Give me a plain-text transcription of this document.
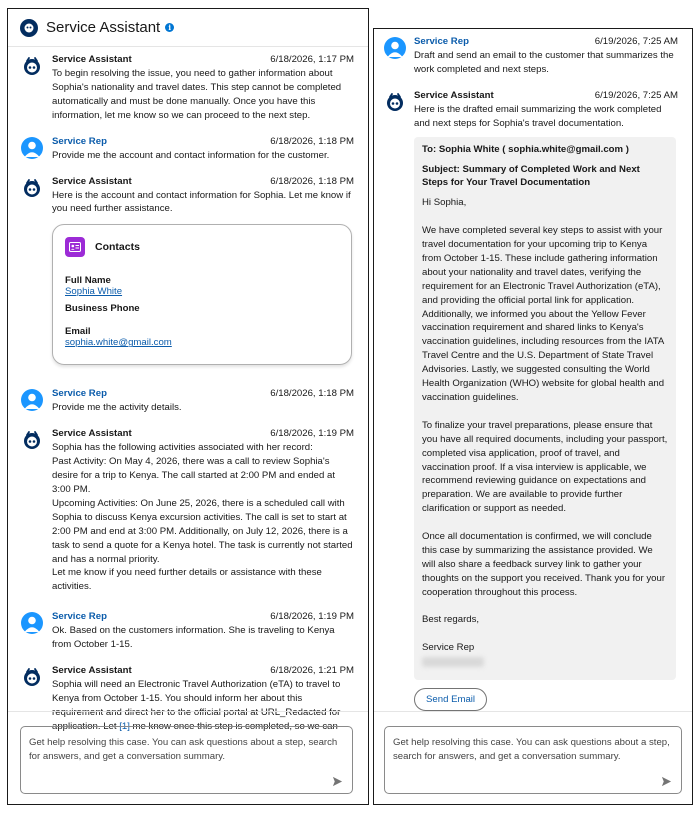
Service Assistant	i
Service Assistant	6/18/2026, 1:17 PM

To begin resolving the issue, you need to gather information about Sophia's nationality and travel dates. This step cannot be completed automatically and must be done manually. Once you have this information, let me know so we can proceed to the next step.

Service Rep	6/18/2026, 1:18 PM

Provide me the account and contact information for the customer.

Service Assistant	6/18/2026, 1:18 PM

Here is the account and contact information for Sophia. Let me know if you need further assistance.

Contacts
Full Name
Sophia White
Business Phone
Email
sophia.white@gmail.com
Service Rep	6/18/2026, 1:18 PM

Provide me the activity details.

Service Assistant	6/18/2026, 1:19 PM

Sophia has the following activities associated with her record:

Past Activity: On May 4, 2026, there was a call to review Sophia's desire for a trip to Kenya. The call started at 2:00 PM and ended at 3:00 PM.

Upcoming Activities: On June 25, 2026, there is a scheduled call with Sophia to discuss Kenya excursion activities. The call is set to start at 2:00 PM and end at 3:00 PM. Additionally, on July 12, 2026, there is a task to send a quote for a Kenya hotel. The task is currently not started and has a normal priority.

Let me know if you need further details or assistance with these activities.

Service Rep	6/18/2026, 1:19 PM

Ok. Based on the customers information. She is traveling to Kenya from October 1-15.

Service Assistant	6/18/2026, 1:21 PM

Sophia will need an Electronic Travel Authorization (eTA) to travel to Kenya from October 1-15. You should inform her about this requirement and direct her to the official portal at URL_Redacted for application. Let [1] me know once this step is completed, so we can

Get help resolving this case. You can ask questions about a step, search for answers, and get a conversation summary.
Service Rep	6/19/2026, 7:25 AM

Draft and send an email to the customer that summarizes the work completed and next steps.

Service Assistant	6/19/2026, 7:25 AM

Here is the drafted email summarizing the work completed and next steps for Sophia's travel documentation.

To: Sophia White ( sophia.white@gmail.com )
Subject: Summary of Completed Work and Next Steps for Your Travel Documentation
Hi Sophia,
We have completed several key steps to assist with your travel documentation for your upcoming trip to Kenya from October 1-15. These include gathering information about your nationality and travel dates, verifying the requirement for an Electronic Travel Authorization (eTA), and providing the official portal link for application. Additionally, we informed you about the Yellow Fever vaccination requirement and shared links to Kenya's vaccination guidelines, including resources from the IATA Travel Centre and the U.S. Department of State Travel Advisories. Lastly, we suggested consulting the World Health Organization (WHO) website for global health and vaccination guidelines.
To finalize your travel preparations, please ensure that you have all required documents, including your passport, completed visa application, proof of travel, and vaccination proof. If a visa interview is applicable, we recommend reviewing guidance on expectations and preparation. We are available to provide further clarification or support as needed.
Once all documentation is confirmed, we will conclude this case by summarizing the assistance provided. We will also share a feedback survey link to gather your thoughts on the support you received. Thank you for your cooperation throughout this process.
Best regards,
Service Rep
Send Email
Get help resolving this case. You can ask questions about a step, search for answers, and get a conversation summary.
